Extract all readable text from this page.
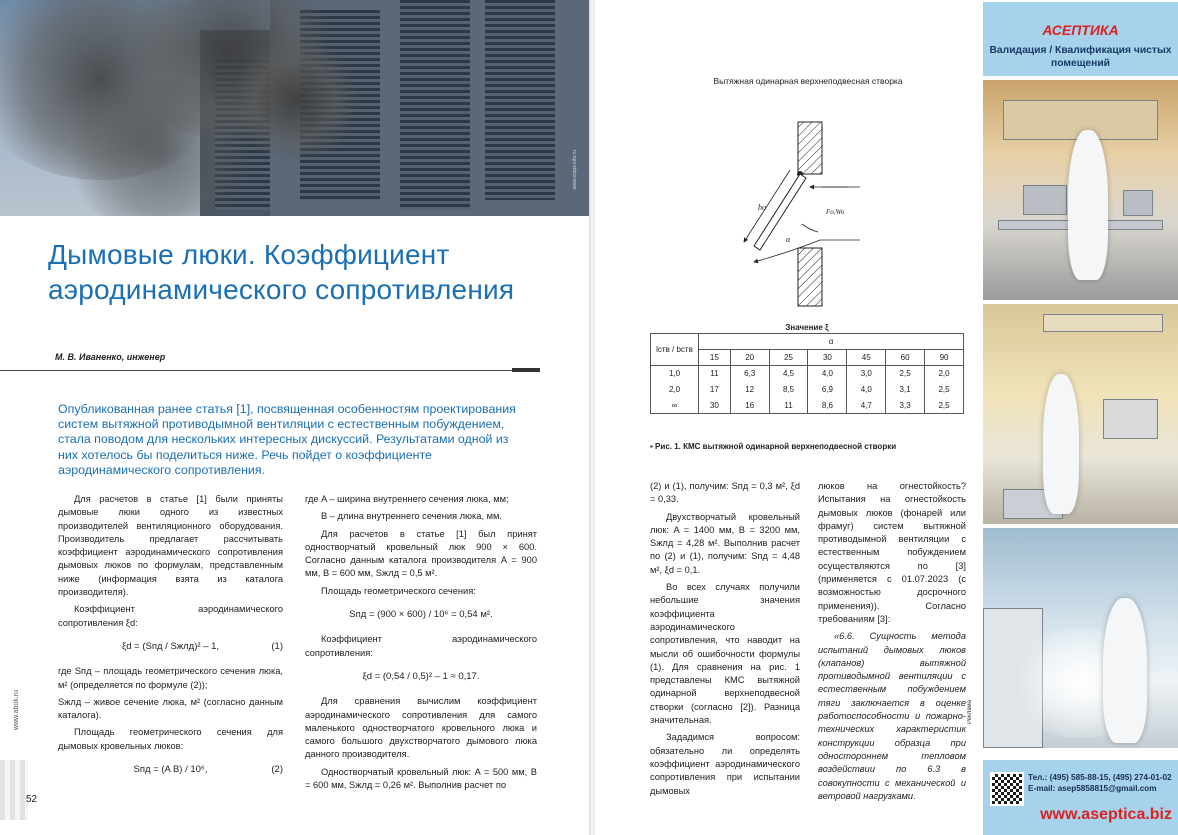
www.crops.info.ru
Дымовые люки. Коэффициент аэродинамического сопротивления
М. В. Иваненко, инженер
Опубликованная ранее статья [1], посвященная особенностям проектирования систем вытяжной противодымной вентиляции с естественным побуждением, стала поводом для нескольких интересных дискуссий. Результатами одной из них хотелось бы поделиться ниже. Речь пойдет о коэффициенте аэродинамического сопротивления.

Для расчетов в статье [1] были приняты дымовые люки одного из известных производителей вентиляционного оборудования. Производитель предлагает рассчитывать коэффициент аэродинамического сопротивления дымовых люков по формулам, представленным ниже (информация взята из каталога производителя).

Коэффициент аэродинамического сопротивления ξd:

ξd = (Sпд / Sжлд)² – 1,	(1)

где Sпд – площадь геометрического сечения люка, м² (определяется по формуле (2));

Sжлд – живое сечение люка, м² (согласно данным каталога).

Площадь геометрического сечения для дымовых кровельных люков:

Sпд = (A B) / 10⁶,	(2)

где A – ширина внутреннего сечения люка, мм;

B – длина внутреннего сечения люка, мм.

Для расчетов в статье [1] был принят одностворчатый кровельный люк 900 × 600. Согласно данным каталога производителя A = 900 мм, B = 600 мм, Sжлд = 0,5 м².

Площадь геометрического сечения:

Sпд = (900 × 600) / 10⁶ = 0,54 м².

Коэффициент аэродинамического сопротивления:

ξd = (0,54 / 0,5)² – 1 ≈ 0,17.

Для сравнения вычислим коэффициент аэродинамического сопротивления для самого маленького одностворчатого кровельного люка и самого большого двухстворчатого дымового люка данного производителя.

Одностворчатый кровельный люк: A = 500 мм, B = 600 мм, Sжлд = 0,26 м². Выполнив расчет по

www.abok.ru
52
Вытяжная одинарная верхнеподвесная створка
bo	Fo,Wo
α
Значение ξ
lств / bств	α						
	15	20	25	30	45	60	90
1,0	11	6,3	4,5	4,0	3,0	2,5	2,0
2,0	17	12	8,5	6,9	4,0	3,1	2,5
∞	30	16	11	8,6	4,7	3,3	2,5
▪ Рис. 1. КМС вытяжной одинарной верхнеподвесной створки

(2) и (1), получим: Sпд = 0,3 м², ξd = 0,33.

Двухстворчатый кровельный люк: A = 1400 мм, B = 3200 мм, Sжлд = 4,28 м². Выполнив расчет по (2) и (1), получим: Sпд = 4,48 м², ξd = 0,1.

Во всех случаях получили небольшие значения коэффициента аэродинамического сопротивления, что наводит на мысли об ошибочности формулы (1). Для сравнения на рис. 1 представлены КМС вытяжной одинарной верхнеподвесной створки (согласно [2]). Разница значительная.

Зададимся вопросом: обязательно ли определять коэффициент аэродинамического сопротивления при испытании дымовых

люков на огнестойкость? Испытания на огнестойкость дымовых люков (фонарей или фрамуг) систем вытяжной противодымной вентиляции с естественным побуждением осуществляются по [3] (применяется с 01.07.2023 (с возможностью досрочного применения)). Согласно требованиям [3]:

«6.6. Сущность метода испытаний дымовых люков (клапанов) вытяжной противодымной вентиляции с естественным побуждением тяги заключается в оценке работоспособности и пожарно-технических характеристик конструкции образца при одностороннем тепловом воздействии по 6.3 в совокупности с механической и ветровой нагрузками.

АСЕПТИКА
Валидация / Квалификация чистых помещений
Реклама
Тел.: (495) 585-88-15, (495) 274-01-02
E-mail: asep5858815@gmail.com
www.aseptica.biz
